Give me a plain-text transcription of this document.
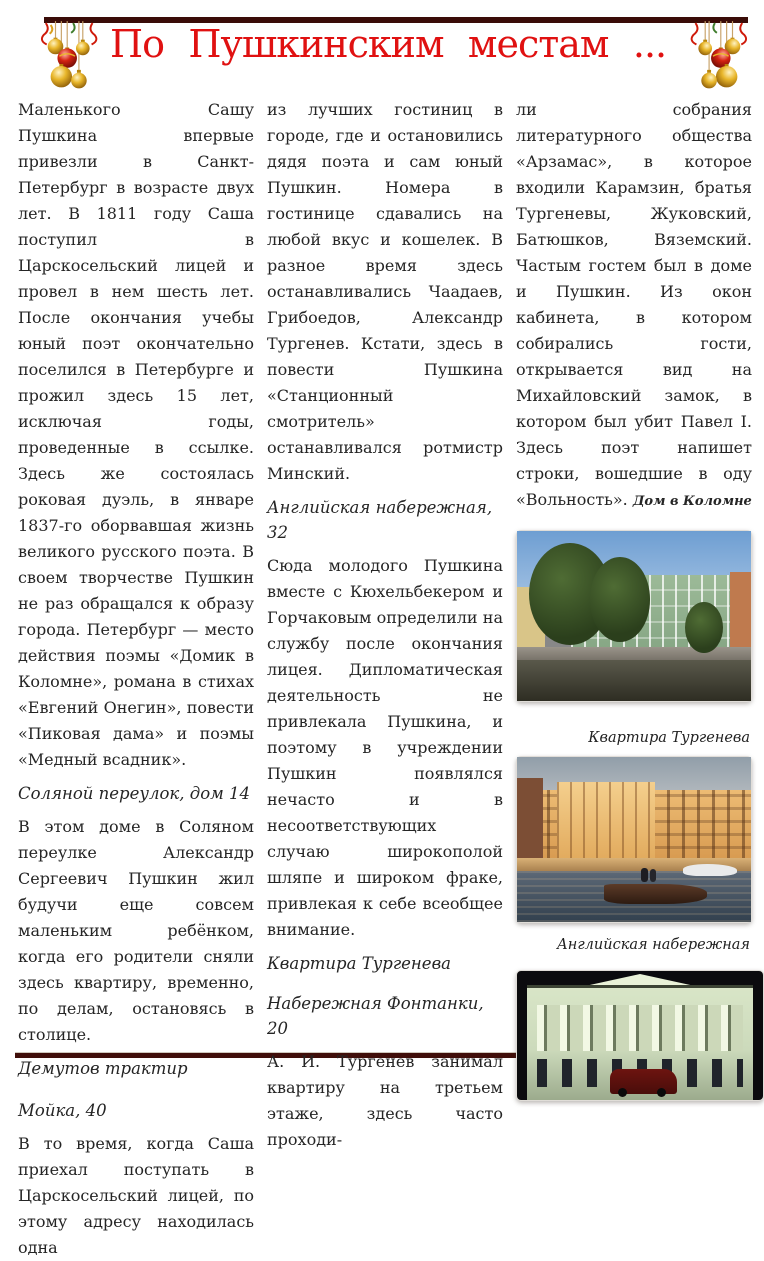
По Пушкинским местам ...

Маленького Сашу Пушкина впервые привезли в Санкт-Петербург в возрасте двух лет. В 1811 году Саша поступил в Царскосельский лицей и провел в нем шесть лет. После окончания учебы юный поэт окончательно поселился в Петербурге и прожил здесь 15 лет, исключая годы, проведенные в ссылке. Здесь же состоялась роковая дуэль, в январе 1837-го оборвавшая жизнь великого русского поэта. В своем творчестве Пушкин не раз обращался к образу города. Петербург — место действия поэмы «Домик в Коломне», романа в стихах «Евгений Онегин», повести «Пиковая дама» и поэмы «Медный всадник».

Соляной переулок, дом 14

В этом доме в Соляном переулке Александр Сергеевич Пушкин жил будучи еще совсем маленьким ребёнком, когда его родители сняли здесь квартиру, временно, по делам, остановясь в столице.

Демутов трактир
Мойка, 40

В то время, когда Саша приехал поступать в Царскосельский лицей, по этому адресу находилась одна

из лучших гостиниц в городе, где и остановились дядя поэта и сам юный Пушкин. Номера в гостинице сдавались на любой вкус и кошелек. В разное время здесь останавливались Чаадаев, Грибоедов, Александр Тургенев. Кстати, здесь в повести Пушкина «Станционный смотритель» останавливался ротмистр Минский.

Английская набережная, 32

Сюда молодого Пушкина вместе с Кюхельбекером и Горчаковым определили на службу после окончания лицея. Дипломатическая деятельность не привлекала Пушкина, и поэтому в учреждении Пушкин появлялся нечасто и в несоответствующих случаю широкополой шляпе и широком фраке, привлекая к себе всеобщее внимание.

Квартира Тургенева
Набережная Фонтанки, 20

А. И. Тургенев занимал квартиру на третьем этаже, здесь часто проходи-

ли собрания литературного общества «Арзамас», в которое входили Карамзин, братья Тургеневы, Жуковский, Батюшков, Вяземский. Частым гостем был в доме и Пушкин. Из окон кабинета, в котором собирались гости, открывается вид на Михайловский замок, в котором был убит Павел I. Здесь поэт напишет строки, вошедшие в оду «Вольность». Дом в Коломне

Квартира Тургенева
Английская набережная
